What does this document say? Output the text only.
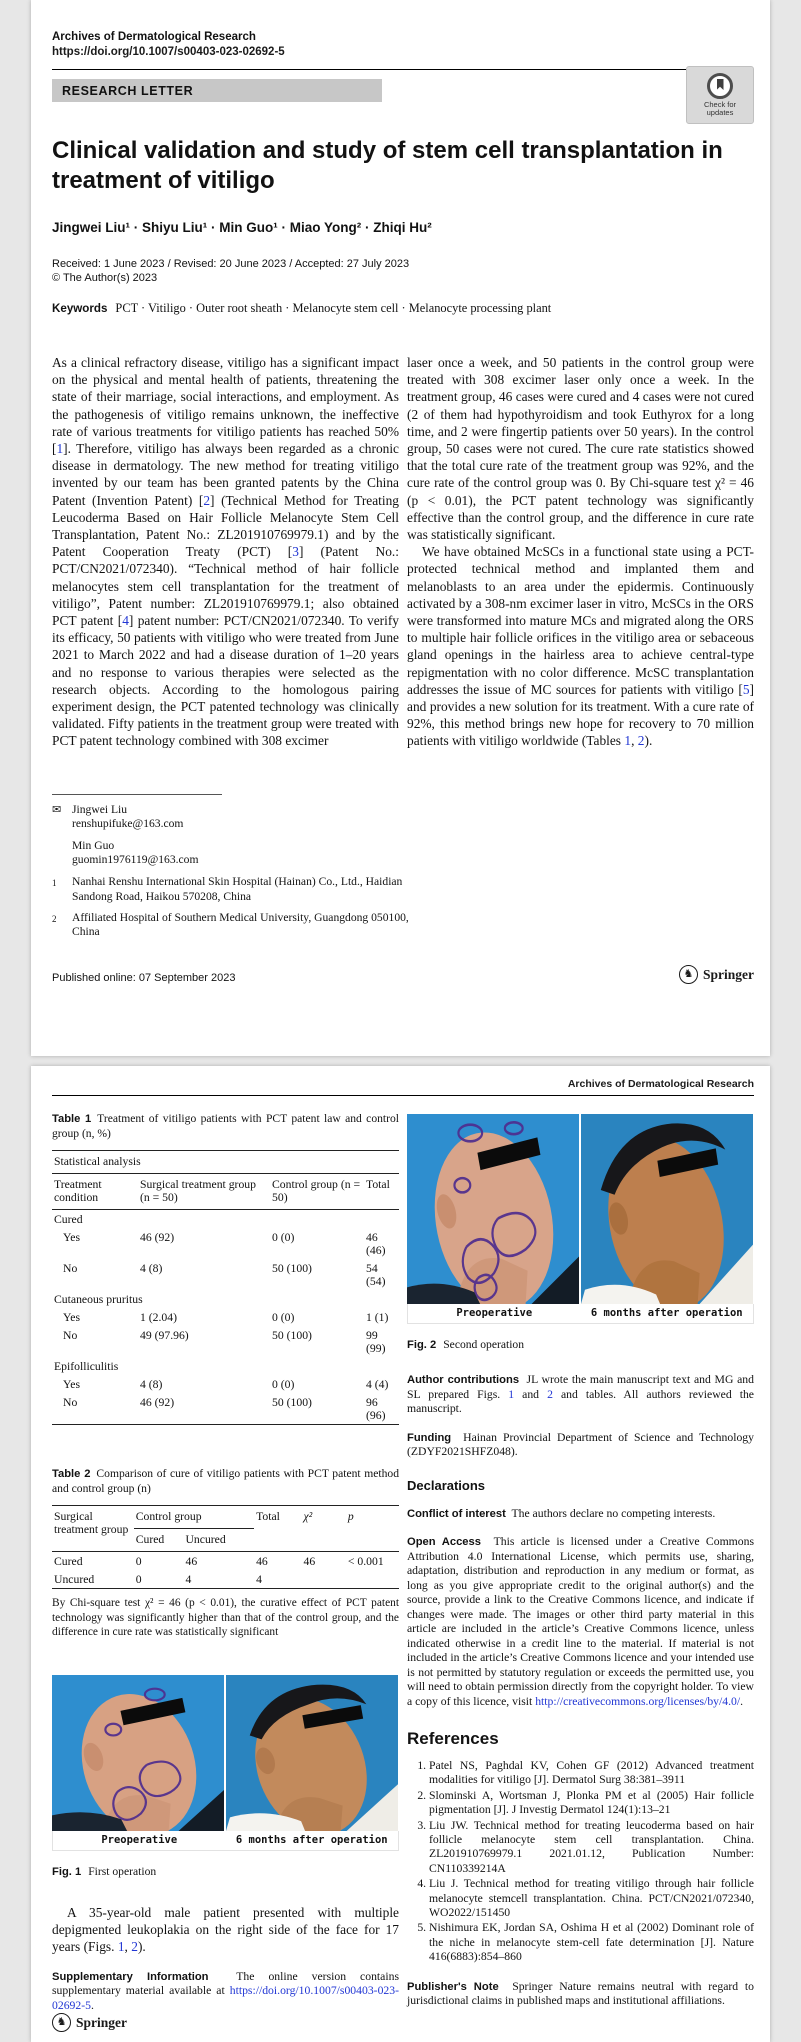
Archives of Dermatological Research
https://doi.org/10.1007/s00403-023-02692-5
RESEARCH LETTER
Check for updates
Clinical validation and study of stem cell transplantation in treatment of vitiligo
Jingwei Liu¹ · Shiyu Liu¹ · Min Guo¹ · Miao Yong² · Zhiqi Hu²
Received: 1 June 2023 / Revised: 20 June 2023 / Accepted: 27 July 2023
© The Author(s) 2023
Keywords PCT · Vitiligo · Outer root sheath · Melanocyte stem cell · Melanocyte processing plant

As a clinical refractory disease, vitiligo has a significant impact on the physical and mental health of patients, threatening the state of their marriage, social interactions, and employment. As the pathogenesis of vitiligo remains unknown, the ineffective rate of various treatments for vitiligo patients has reached 50% [1]. Therefore, vitiligo has always been regarded as a chronic disease in dermatology. The new method for treating vitiligo invented by our team has been granted patents by the China Patent (Invention Patent) [2] (Technical Method for Treating Leucoderma Based on Hair Follicle Melanocyte Stem Cell Transplantation, Patent No.: ZL201910769979.1) and by the Patent Cooperation Treaty (PCT) [3] (Patent No.: PCT/CN2021/072340). “Technical method of hair follicle melanocytes stem cell transplantation for the treatment of vitiligo”, Patent number: ZL201910769979.1; also obtained PCT patent [4] patent number: PCT/CN2021/072340. To verify its efficacy, 50 patients with vitiligo who were treated from June 2021 to March 2022 and had a disease duration of 1–20 years and no response to various therapies were selected as the research objects. According to the homologous pairing experiment design, the PCT patented technology was clinically validated. Fifty patients in the treatment group were treated with PCT patent technology combined with 308 excimer

laser once a week, and 50 patients in the control group were treated with 308 excimer laser only once a week. In the treatment group, 46 cases were cured and 4 cases were not cured (2 of them had hypothyroidism and took Euthyrox for a long time, and 2 were fingertip patients over 50 years). In the control group, 50 cases were not cured. The cure rate statistics showed that the total cure rate of the treatment group was 92%, and the cure rate of the control group was 0. By Chi-square test χ² = 46 (p < 0.01), the PCT patent technology was significantly effective than the control group, and the difference in cure rate was statistically significant.

We have obtained McSCs in a functional state using a PCT-protected technical method and implanted them and melanoblasts to an area under the epidermis. Continuously activated by a 308-nm excimer laser in vitro, McSCs in the ORS were transformed into mature MCs and migrated along the ORS to multiple hair follicle orifices in the vitiligo area or sebaceous gland openings in the hairless area to achieve central-type repigmentation with no color difference. McSC transplantation addresses the issue of MC sources for patients with vitiligo [5] and provides a new solution for its treatment. With a cure rate of 92%, this method brings new hope for recovery to 70 million patients with vitiligo worldwide (Tables 1, 2).

✉ Jingwei Liu
renshupifuke@163.com
Min Guo
guomin1976119@163.com
1	Nanhai Renshu International Skin Hospital (Hainan) Co., Ltd., Haidian Sandong Road, Haikou 570208, China
2	Affiliated Hospital of Southern Medical University, Guangdong 050100, China
Published online: 07 September 2023	♞ Springer
Archives of Dermatological Research
Table 1 Treatment of vitiligo patients with PCT patent law and control group (n, %)
Statistical analysis			
Treatment condition	Surgical treatment group (n = 50)	Control group (n = 50)	Total
Cured			
Yes	46 (92)	0 (0)	46 (46)
No	4 (8)	50 (100)	54 (54)
Cutaneous pruritus			
Yes	1 (2.04)	0 (0)	1 (1)
No	49 (97.96)	50 (100)	99 (99)
Epifolliculitis			
Yes	4 (8)	0 (0)	4 (4)
No	46 (92)	50 (100)	96 (96)
Table 2 Comparison of cure of vitiligo patients with PCT patent method and control group (n)
Surgical treatment group	Control group		Total	χ²	p
	Cured	Uncured			
Cured	0	46	46	46	< 0.001
Uncured	0	4	4		
By Chi-square test χ² = 46 (p < 0.01), the curative effect of PCT patent technology was significantly higher than that of the control group, and the difference in cure rate was statistically significant
Preoperative	6 months after operation
Fig. 1 First operation
A 35-year-old male patient presented with multiple depigmented leukoplakia on the right side of the face for 17 years (Figs. 1, 2).
Supplementary Information The online version contains supplementary material available at https://doi.org/10.1007/s00403-023-02692-5.
♞ Springer
Preoperative	6 months after operation
Fig. 2 Second operation
Author contributions JL wrote the main manuscript text and MG and SL prepared Figs. 1 and 2 and tables. All authors reviewed the manuscript.
Funding Hainan Provincial Department of Science and Technology (ZDYF2021SHFZ048).
Declarations
Conflict of interest The authors declare no competing interests.
Open Access This article is licensed under a Creative Commons Attribution 4.0 International License, which permits use, sharing, adaptation, distribution and reproduction in any medium or format, as long as you give appropriate credit to the original author(s) and the source, provide a link to the Creative Commons licence, and indicate if changes were made. The images or other third party material in this article are included in the article’s Creative Commons licence, unless indicated otherwise in a credit line to the material. If material is not included in the article’s Creative Commons licence and your intended use is not permitted by statutory regulation or exceeds the permitted use, you will need to obtain permission directly from the copyright holder. To view a copy of this licence, visit http://creativecommons.org/licenses/by/4.0/.
References
1. Patel NS, Paghdal KV, Cohen GF (2012) Advanced treatment modalities for vitiligo [J]. Dermatol Surg 38:381–3911
2. Slominski A, Wortsman J, Plonka PM et al (2005) Hair follicle pigmentation [J]. J Investig Dermatol 124(1):13–21
3. Liu JW. Technical method for treating leucoderma based on hair follicle melanocyte stem cell transplantation. China. ZL201910769979.1 2021.01.12, Publication Number: CN110339214A
4. Liu J. Technical method for treating vitiligo through hair follicle melanocyte stemcell transplantation. China. PCT/CN2021/072340, WO2022/151450
5. Nishimura EK, Jordan SA, Oshima H et al (2002) Dominant role of the niche in melanocyte stem-cell fate determination [J]. Nature 416(6883):854–860
Publisher's Note Springer Nature remains neutral with regard to jurisdictional claims in published maps and institutional affiliations.
